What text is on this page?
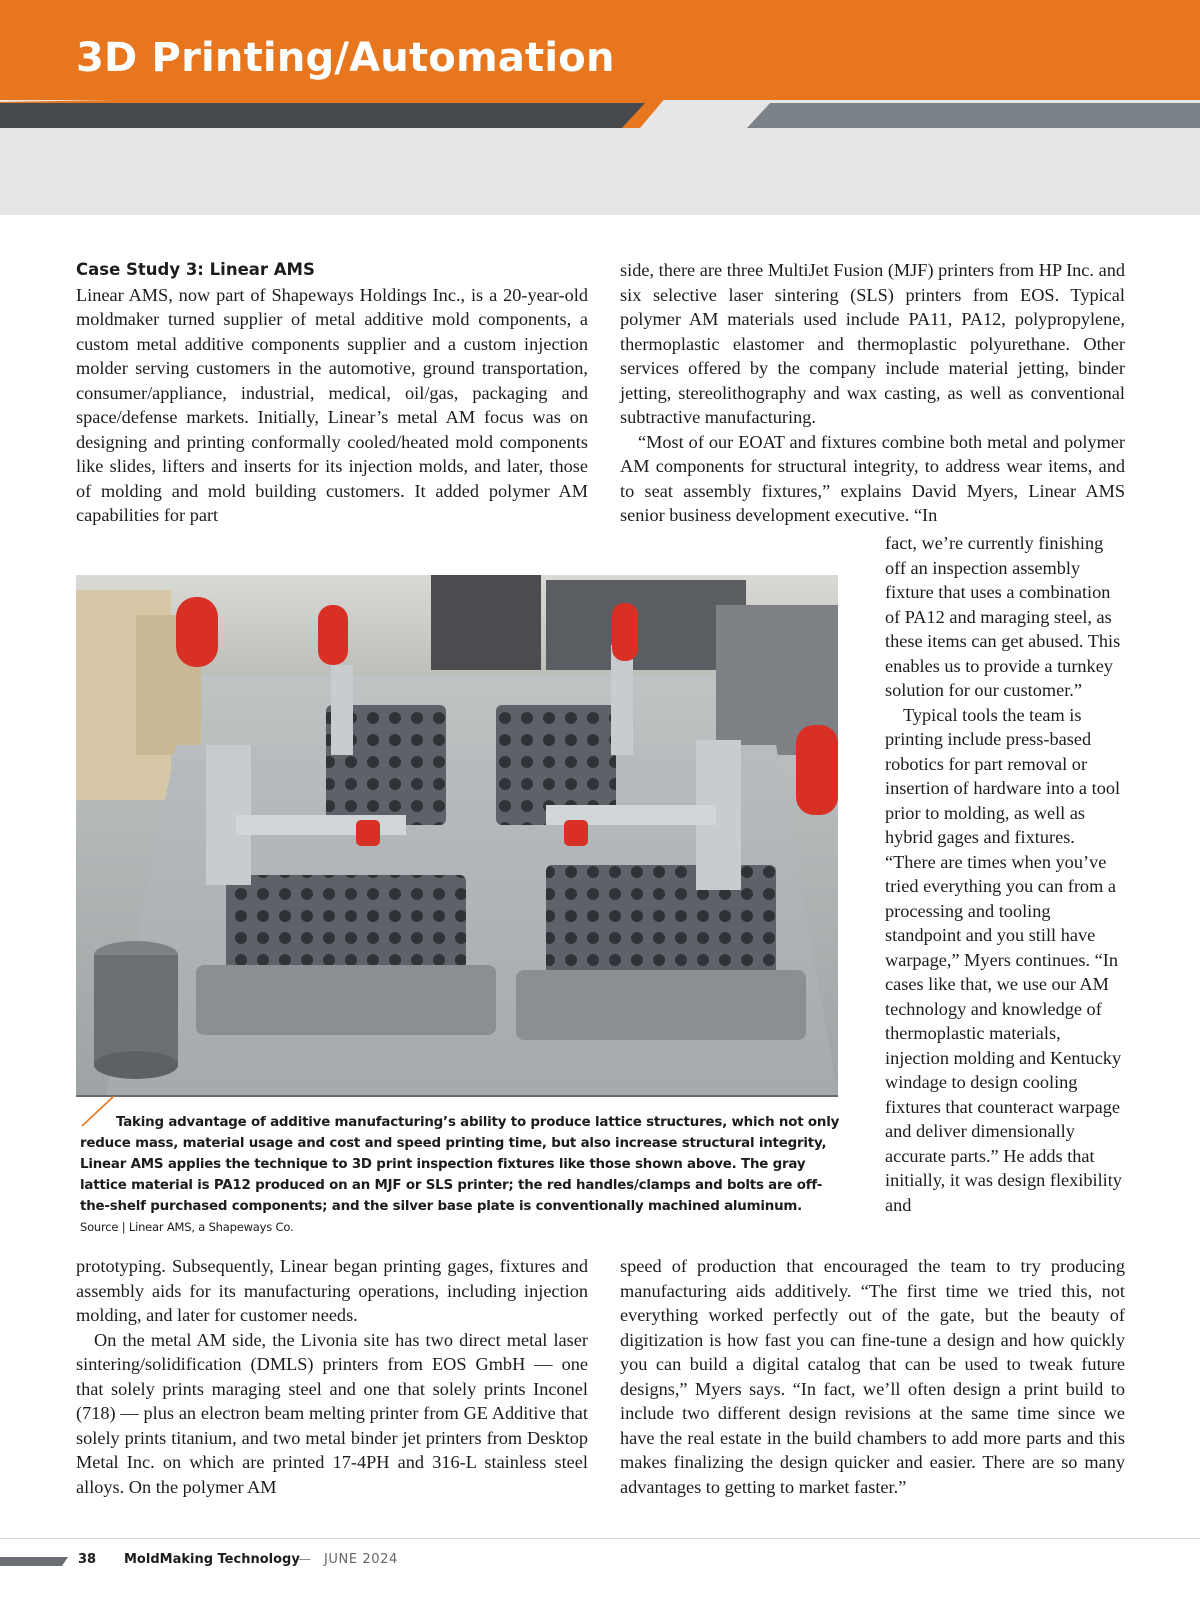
3D Printing/Automation
Case Study 3: Linear AMS

Linear AMS, now part of Shapeways Holdings Inc., is a 20-year-old moldmaker turned supplier of metal additive mold components, a custom metal additive components supplier and a custom injection molder serving customers in the automotive, ground transportation, consumer/appliance, industrial, medical, oil/gas, packaging and space/defense markets. Initially, Linear’s metal AM focus was on designing and printing conformally cooled/heated mold components like slides, lifters and inserts for its injection molds, and later, those of molding and mold building customers. It added polymer AM capabilities for part

side, there are three MultiJet Fusion (MJF) printers from HP Inc. and six selective laser sintering (SLS) printers from EOS. Typical polymer AM materials used include PA11, PA12, polypropylene, thermoplastic elastomer and thermoplastic polyurethane. Other services offered by the company include material jetting, binder jetting, stereolithography and wax casting, as well as conventional subtractive manufacturing.

“Most of our EOAT and fixtures combine both metal and polymer AM components for structural integrity, to address wear items, and to seat assembly fixtures,” explains David Myers, Linear AMS senior business development executive. “In

fact, we’re currently finishing off an inspection assembly fixture that uses a combination of PA12 and maraging steel, as these items can get abused. This enables us to provide a turnkey solution for our customer.”

Typical tools the team is printing include press-based robotics for part removal or insertion of hardware into a tool prior to molding, as well as hybrid gages and fixtures. “There are times when you’ve tried everything you can from a processing and tooling standpoint and you still have warpage,” Myers continues. “In cases like that, we use our AM technology and knowledge of thermoplastic materials, injection molding and Kentucky windage to design cooling fixtures that counteract warpage and deliver dimensionally accurate parts.” He adds that initially, it was design flexibility and

Taking advantage of additive manufacturing’s ability to produce lattice structures, which not only reduce mass, material usage and cost and speed printing time, but also increase structural integrity, Linear AMS applies the technique to 3D print inspection fixtures like those shown above. The gray lattice material is PA12 produced on an MJF or SLS printer; the red handles/clamps and bolts are off-the-shelf purchased components; and the silver base plate is conventionally machined aluminum. Source | Linear AMS, a Shapeways Co.

prototyping. Subsequently, Linear began printing gages, fixtures and assembly aids for its manufacturing operations, including injection molding, and later for customer needs.

On the metal AM side, the Livonia site has two direct metal laser sintering/solidification (DMLS) printers from EOS GmbH — one that solely prints maraging steel and one that solely prints Inconel (718) — plus an electron beam melting printer from GE Additive that solely prints titanium, and two metal binder jet printers from Desktop Metal Inc. on which are printed 17-4PH and 316-L stainless steel alloys. On the polymer AM

speed of production that encouraged the team to try producing manufacturing aids additively. “The first time we tried this, not everything worked perfectly out of the gate, but the beauty of digitization is how fast you can fine-tune a design and how quickly you can build a digital catalog that can be used to tweak future designs,” Myers says. “In fact, we’ll often design a print build to include two different design revisions at the same time since we have the real estate in the build chambers to add more parts and this makes finalizing the design quicker and easier. There are so many advantages to getting to market faster.”

38 MoldMaking Technology
— JUNE 2024
